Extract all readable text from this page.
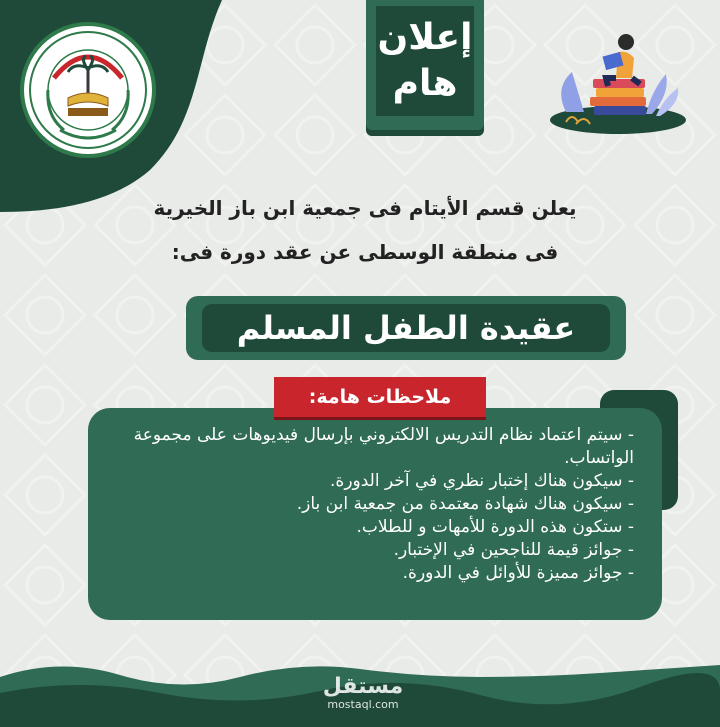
إعلان
هام
يعلن قسم الأيتام فى جمعية ابن باز الخيرية
فى منطقة الوسطى عن عقد دورة فى:
عقيدة الطفل المسلم

- سيتم اعتماد نظام التدريس الالكتروني بإرسال فيديوهات على مجموعة الواتساب.

- سيكون هناك إختبار نظري في آخر الدورة.

- سيكون هناك شهادة معتمدة من جمعية ابن باز.

- ستكون هذه الدورة للأمهات و للطلاب.

- جوائز قيمة للناجحين في الإختبار.

- جوائز مميزة للأوائل في الدورة.

ملاحظات هامة:
مستقل
mostaql.com
